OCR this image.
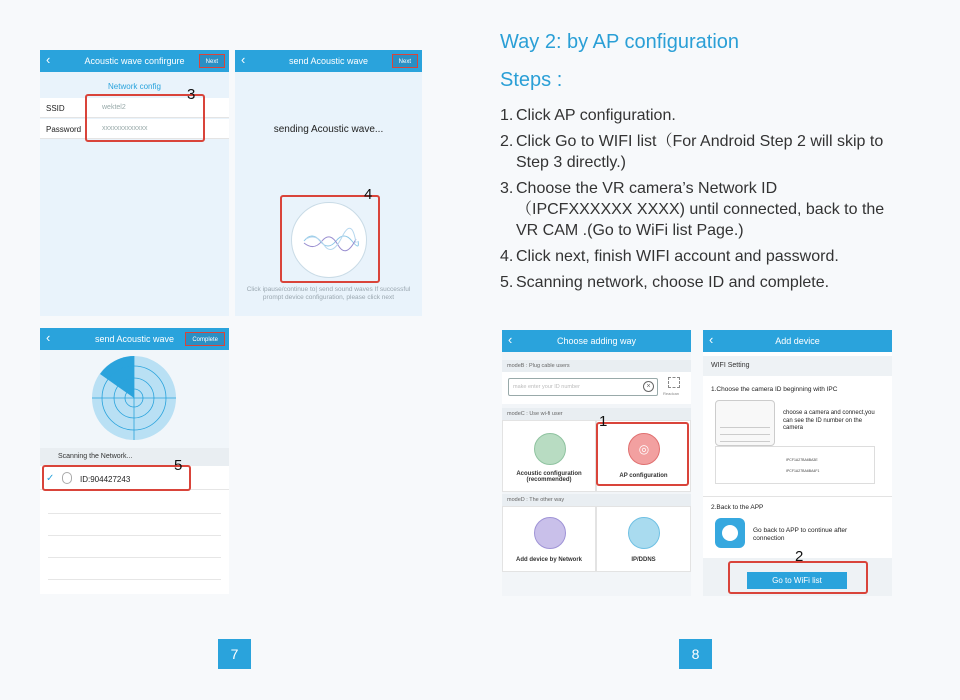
‹	Acoustic wave confirgure	Next
Network config
SSID	wektel2
Password	xxxxxxxxxxxxx
3
‹	send Acoustic wave	Next
sending Acoustic wave...
4
Click ipause/continue to| send sound waves If successful prompt device configuration, please click next
‹	send Acoustic wave	Complete
Scanning the Network...
✓	ID:904427243
5
Way 2: by AP configuration
Steps :
1. Click AP configuration.
2. Click Go to WIFI list（For Android Step 2 will skip to Step 3 directly.)
3. Choose the VR camera’s Network ID（IPCFXXXXXX XXXX) until connected, back to the VR CAM .(Go to WiFi list Page.)
4. Click next, finish WIFI account and password.
5. Scanning network, choose ID and complete.
‹	Choose adding way
modeB : Plug cable users
make enter your ID number	×
Readcan
modeC : Use wi-fi user
Acoustic configuration (recommended)
◎
AP configuration
1
modeD : The other way
Add device by Network	IP/DDNS
‹	Add device
WIFI Setting
1.Choose the camera ID beginning with IPC
choose a camera and connect,you can see the ID number on the camera
IPCF1A27BA6BA3E
IPCF1A27BA6BA4F1
2.Back to the APP
Go back to APP to continue after connection
Go to WiFi list
2
7	8
